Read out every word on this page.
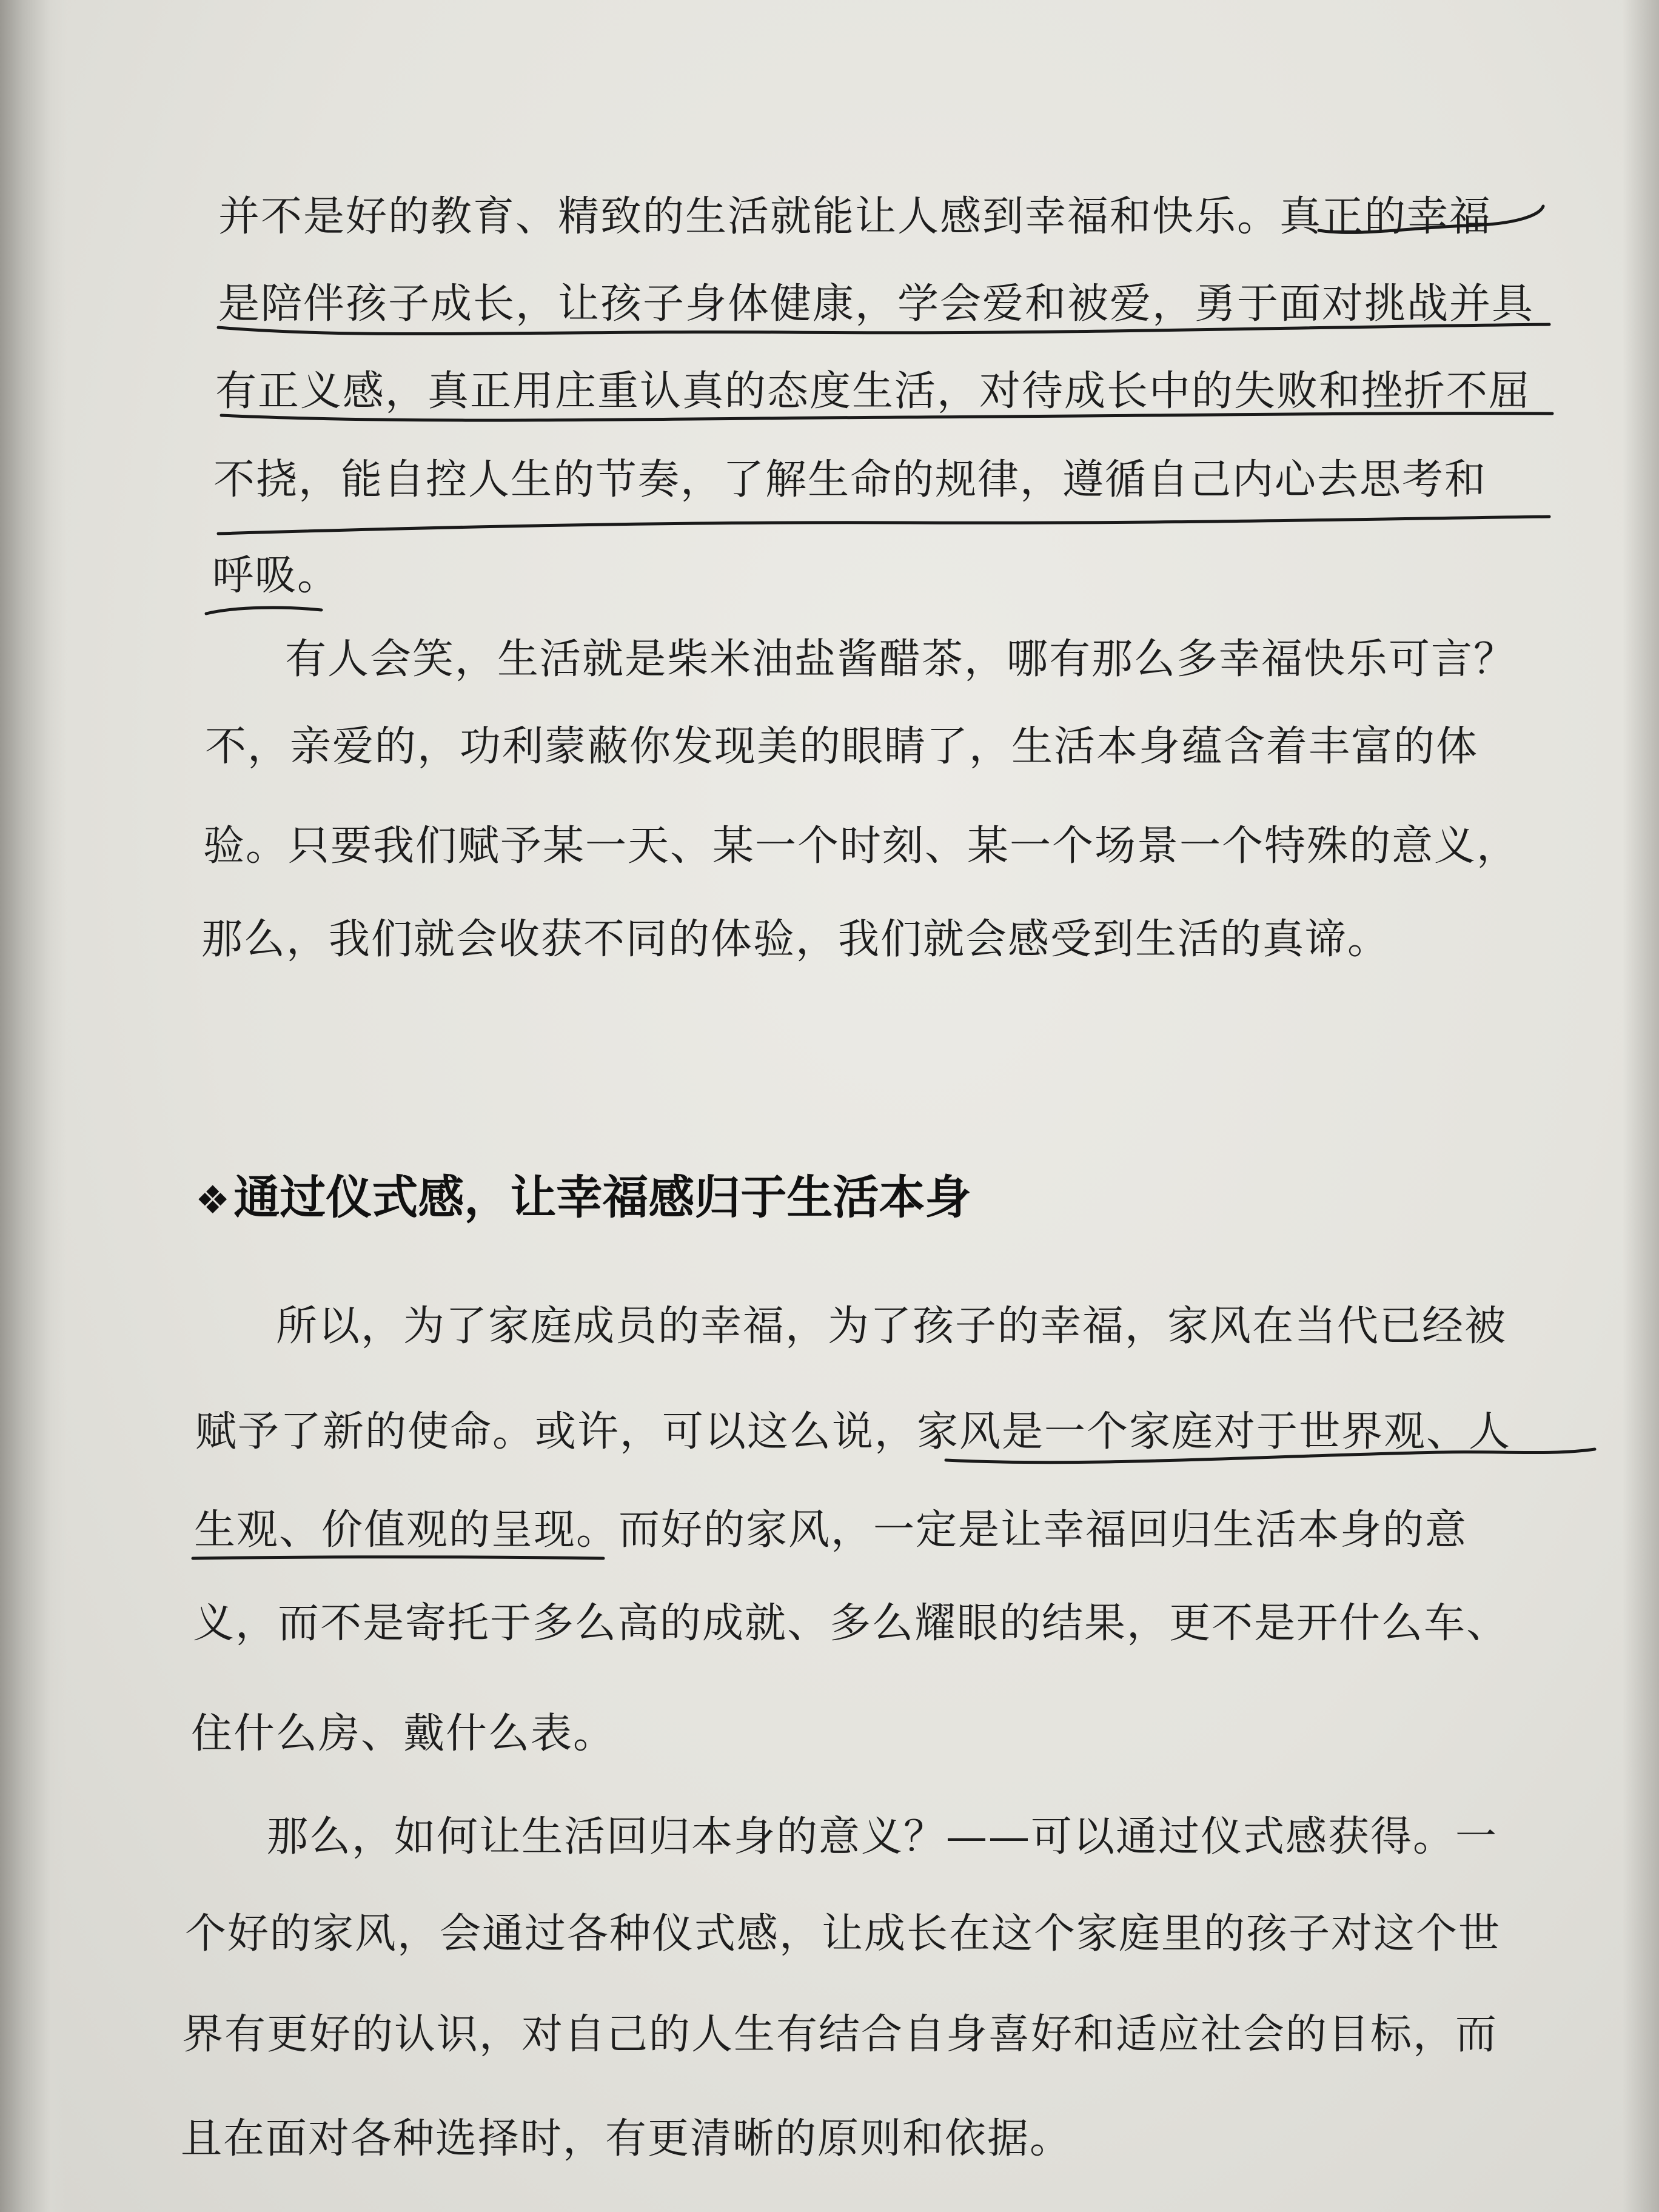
并不是好的教育、精致的生活就能让人感到幸福和快乐。真正的幸福
是陪伴孩子成长，让孩子身体健康，学会爱和被爱，勇于面对挑战并具
有正义感，真正用庄重认真的态度生活，对待成长中的失败和挫折不屈
不挠，能自控人生的节奏，了解生命的规律，遵循自己内心去思考和
呼吸。
有人会笑，生活就是柴米油盐酱醋茶，哪有那么多幸福快乐可言？
不，亲爱的，功利蒙蔽你发现美的眼睛了，生活本身蕴含着丰富的体
验。只要我们赋予某一天、某一个时刻、某一个场景一个特殊的意义，
那么，我们就会收获不同的体验，我们就会感受到生活的真谛。
❖通过仪式感，让幸福感归于生活本身
所以，为了家庭成员的幸福，为了孩子的幸福，家风在当代已经被
赋予了新的使命。或许，可以这么说，家风是一个家庭对于世界观、人
生观、价值观的呈现。而好的家风，一定是让幸福回归生活本身的意
义，而不是寄托于多么高的成就、多么耀眼的结果，更不是开什么车、
住什么房、戴什么表。
那么，如何让生活回归本身的意义？——可以通过仪式感获得。一
个好的家风，会通过各种仪式感，让成长在这个家庭里的孩子对这个世
界有更好的认识，对自己的人生有结合自身喜好和适应社会的目标，而
且在面对各种选择时，有更清晰的原则和依据。
